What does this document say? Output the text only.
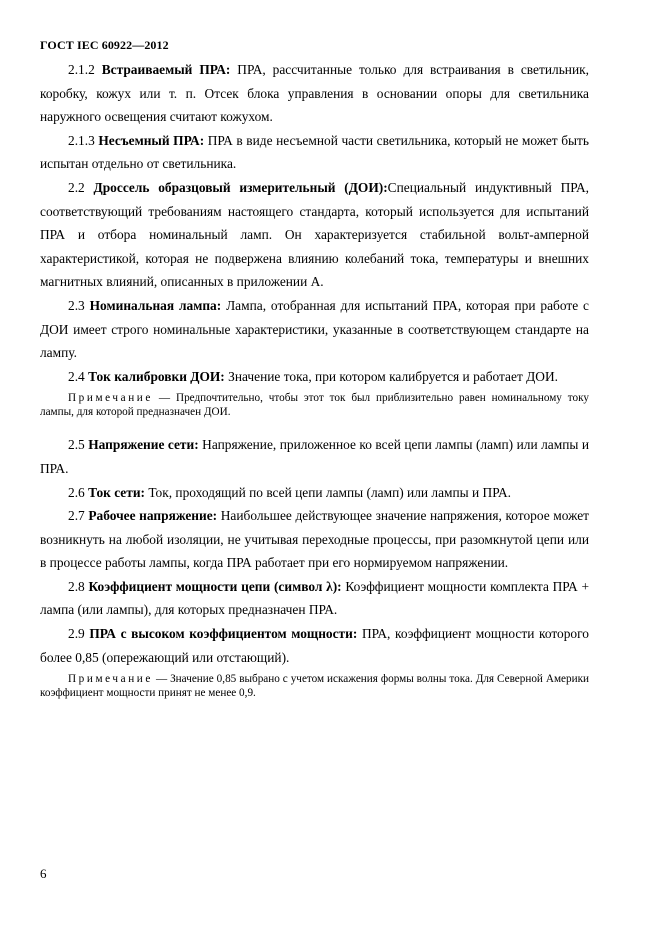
ГОСТ IEC 60922—2012

2.1.2 Встраиваемый ПРА: ПРА, рассчитанные только для встраивания в светильник, коробку, кожух или т. п. Отсек блока управления в основании опоры для светильника наружного освещения считают кожухом.

2.1.3 Несъемный ПРА: ПРА в виде несъемной части светильника, который не может быть испытан отдельно от светильника.

2.2 Дроссель образцовый измерительный (ДОИ):Специальный индуктивный ПРА, соответствующий требованиям настоящего стандарта, который используется для испытаний ПРА и отбора номинальный ламп. Он характеризуется стабильной вольт-амперной характеристикой, которая не подвержена влиянию колебаний тока, температуры и внешних магнитных влияний, описанных в приложении А.

2.3 Номинальная лампа: Лампа, отобранная для испытаний ПРА, которая при работе с ДОИ имеет строго номинальные характеристики, указанные в соответствующем стандарте на лампу.

2.4 Ток калибровки ДОИ: Значение тока, при котором калибруется и работает ДОИ.

Примечание — Предпочтительно, чтобы этот ток был приблизительно равен номинальному току лампы, для которой предназначен ДОИ.

2.5 Напряжение сети: Напряжение, приложенное ко всей цепи лампы (ламп) или лампы и ПРА.

2.6 Ток сети: Ток, проходящий по всей цепи лампы (ламп) или лампы и ПРА.

2.7 Рабочее напряжение: Наибольшее действующее значение напряжения, которое может возникнуть на любой изоляции, не учитывая переходные процессы, при разомкнутой цепи или в процессе работы лампы, когда ПРА работает при его нормируемом напряжении.

2.8 Коэффициент мощности цепи (символ λ): Коэффициент мощности комплекта ПРА + лампа (или лампы), для которых предназначен ПРА.

2.9 ПРА с высоком коэффициентом мощности: ПРА, коэффициент мощности которого более 0,85 (опережающий или отстающий).

Примечание — Значение 0,85 выбрано с учетом искажения формы волны тока. Для Северной Америки коэффициент мощности принят не менее 0,9.

6
